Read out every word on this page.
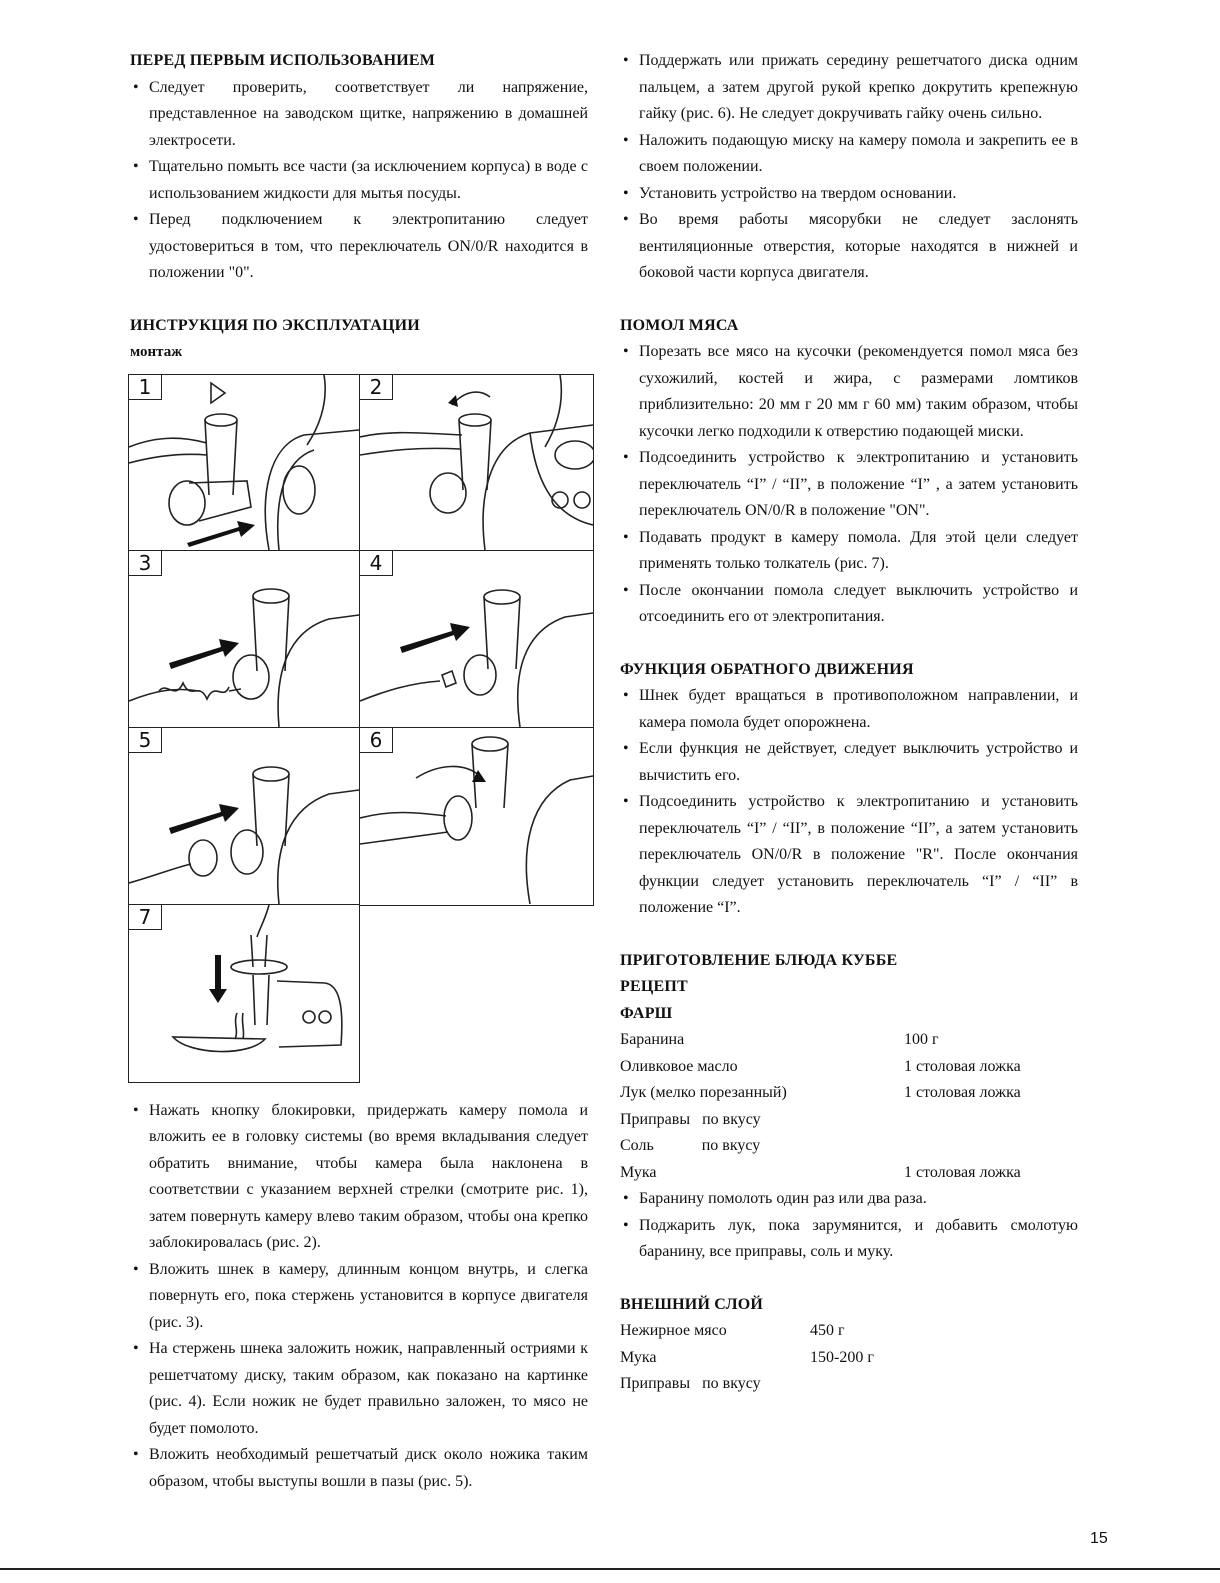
ПЕРЕД ПЕРВЫМ ИСПОЛЬЗОВАНИЕМ
• Следует проверить, соответствует ли напряжение, представленное на заводском щитке, напряжению в домашней электросети.
• Тщательно помыть все части (за исключением корпуса) в воде с использованием жидкости для мытья посуды.
• Перед подключением к электропитанию следует удостовериться в том, что переключатель ON/0/R находится в положении "0".
ИНСТРУКЦИЯ ПО ЭКСПЛУАТАЦИИ

монтаж

1	2
3	4
5	6
7
• Нажать кнопку блокировки, придержать камеру помола и вложить ее в головку системы (во время вкладывания следует обратить внимание, чтобы камера была наклонена в соответствии с указанием верхней стрелки (смотрите рис. 1), затем повернуть камеру влево таким образом, чтобы она крепко заблокировалась (рис. 2).
• Вложить шнек в камеру, длинным концом внутрь, и слегка повернуть его, пока стержень установится в корпусе двигателя (рис. 3).
• На стержень шнека заложить ножик, направленный остриями к решетчатому диску, таким образом, как показано на картинке (рис. 4). Если ножик не будет правильно заложен, то мясо не будет помолото.
• Вложить необходимый решетчатый диск около ножика таким образом, чтобы выступы вошли в пазы (рис. 5).
• Поддержать или прижать середину решетчатого диска одним пальцем, а затем другой рукой крепко докрутить крепежную гайку (рис. 6). Не следует докручивать гайку очень сильно.
• Наложить подающую миску на камеру помола и закрепить ее в своем положении.
• Установить устройство на твердом основании.
• Во время работы мясорубки не следует заслонять вентиляционные отверстия, которые находятся в нижней и боковой части корпуса двигателя.
ПОМОЛ МЯСА
• Порезать все мясо на кусочки (рекомендуется помол мяса без сухожилий, костей и жира, с размерами ломтиков приблизительно: 20 мм г 20 мм г 60 мм) таким образом, чтобы кусочки легко подходили к отверстию подающей миски.
• Подсоединить устройство к электропитанию и установить переключатель “I” / “II”, в положение “I” , а затем установить переключатель ON/0/R в положение "ON".
• Подавать продукт в камеру помола. Для этой цели следует применять только толкатель (рис. 7).
• После окончании помола следует выключить устройство и отсоединить его от электропитания.
ФУНКЦИЯ ОБРАТНОГО ДВИЖЕНИЯ
• Шнек будет вращаться в противоположном направлении, и камера помола будет опорожнена.
• Если функция не действует, следует выключить устройство и вычистить его.
• Подсоединить устройство к электропитанию и установить переключатель “I” / “II”, в положение “II”, а затем установить переключатель ON/0/R в положение "R". После окончания функции следует установить переключатель “I” / “II” в положение “I”.
ПРИГОТОВЛЕНИЕ БЛЮДА КУББЕ
РЕЦЕПТ
ФАРШ
Баранина	100 г
Оливковое масло	1 столовая ложка
Лук (мелко порезанный)	1 столовая ложка
Приправы   по вкусу	
Соль            по вкусу	
Мука	1 столовая ложка
• Баранину помолоть один раз или два раза.
• Поджарить лук, пока зарумянится, и добавить смолотую баранину, все приправы, соль и муку.
ВНЕШНИЙ СЛОЙ
Нежирное мясо	450 г
Мука	150-200 г
Приправы   по вкусу	
15
